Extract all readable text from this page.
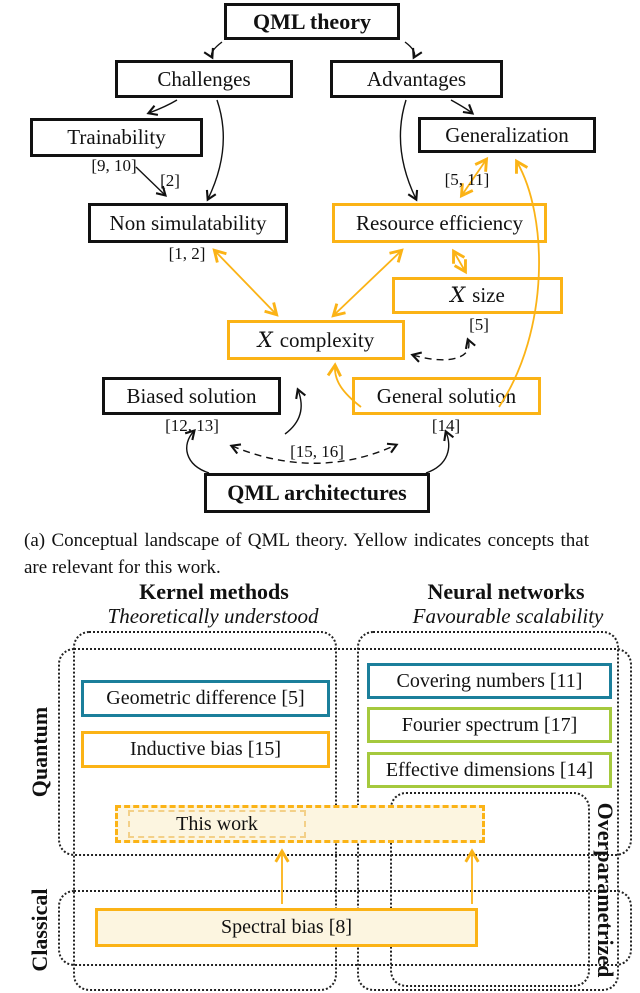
QML theory
Challenges	Advantages
Trainability	Generalization
Non simulatability	Resource efficiency
X size
X complexity
Biased solution	General solution
QML architectures
[9, 10]
[2]	[5, 11]
[1, 2]
[5]
[12, 13]	[14]
[15, 16]
(a) Conceptual landscape of QML theory. Yellow indicates concepts that are relevant for this work.
Kernel methods
Theoretically understood
Neural networks
Favourable scalability
Quantum
Classical	Overparametrized
Geometric difference [5]
Inductive bias [15]
Covering numbers [11]
Fourier spectrum [17]
Effective dimensions [14]
This work
Spectral bias [8]
